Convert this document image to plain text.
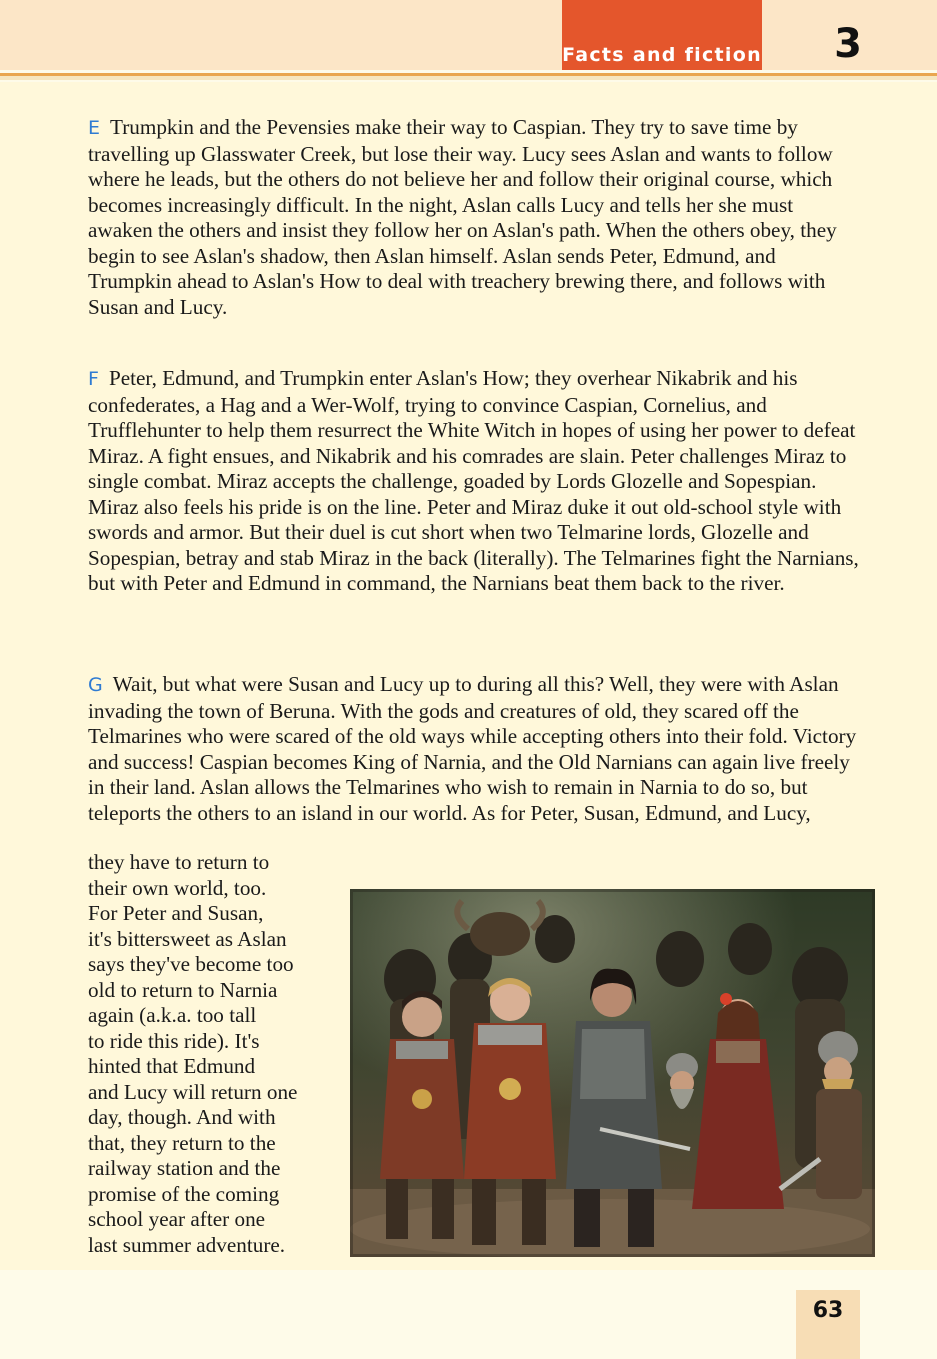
Facts and fiction 3
E Trumpkin and the Pevensies make their way to Caspian. They try to save time by travelling up Glasswater Creek, but lose their way. Lucy sees Aslan and wants to follow where he leads, but the others do not believe her and follow their original course, which becomes increasingly difficult. In the night, Aslan calls Lucy and tells her she must awaken the others and insist they follow her on Aslan's path. When the others obey, they begin to see Aslan's shadow, then Aslan himself. Aslan sends Peter, Edmund, and Trumpkin ahead to Aslan's How to deal with treachery brewing there, and follows with Susan and Lucy.
F Peter, Edmund, and Trumpkin enter Aslan's How; they overhear Nikabrik and his confederates, a Hag and a Wer-Wolf, trying to convince Caspian, Cornelius, and Trufflehunter to help them resurrect the White Witch in hopes of using her power to defeat Miraz. A fight ensues, and Nikabrik and his comrades are slain. Peter challenges Miraz to single combat. Miraz accepts the challenge, goaded by Lords Glozelle and Sopespian. Miraz also feels his pride is on the line. Peter and Miraz duke it out old-school style with swords and armor. But their duel is cut short when two Telmarine lords, Glozelle and Sopespian, betray and stab Miraz in the back (literally). The Telmarines fight the Narnians, but with Peter and Edmund in command, the Narnians beat them back to the river.
G Wait, but what were Susan and Lucy up to during all this? Well, they were with Aslan invading the town of Beruna. With the gods and creatures of old, they scared off the Telmarines who were scared of the old ways while accepting others into their fold. Victory and success! Caspian becomes King of Narnia, and the Old Narnians can again live freely in their land. Aslan allows the Telmarines who wish to remain in Narnia to do so, but teleports the others to an island in our world. As for Peter, Susan, Edmund, and Lucy,
they have to return to
their own world, too.
For Peter and Susan,
it's bittersweet as Aslan
says they've become too
old to return to Narnia
again (a.k.a. too tall
to ride this ride). It's
hinted that Edmund
and Lucy will return one
day, though. And with
that, they return to the
railway station and the
promise of the coming
school year after one
last summer adventure.
63
